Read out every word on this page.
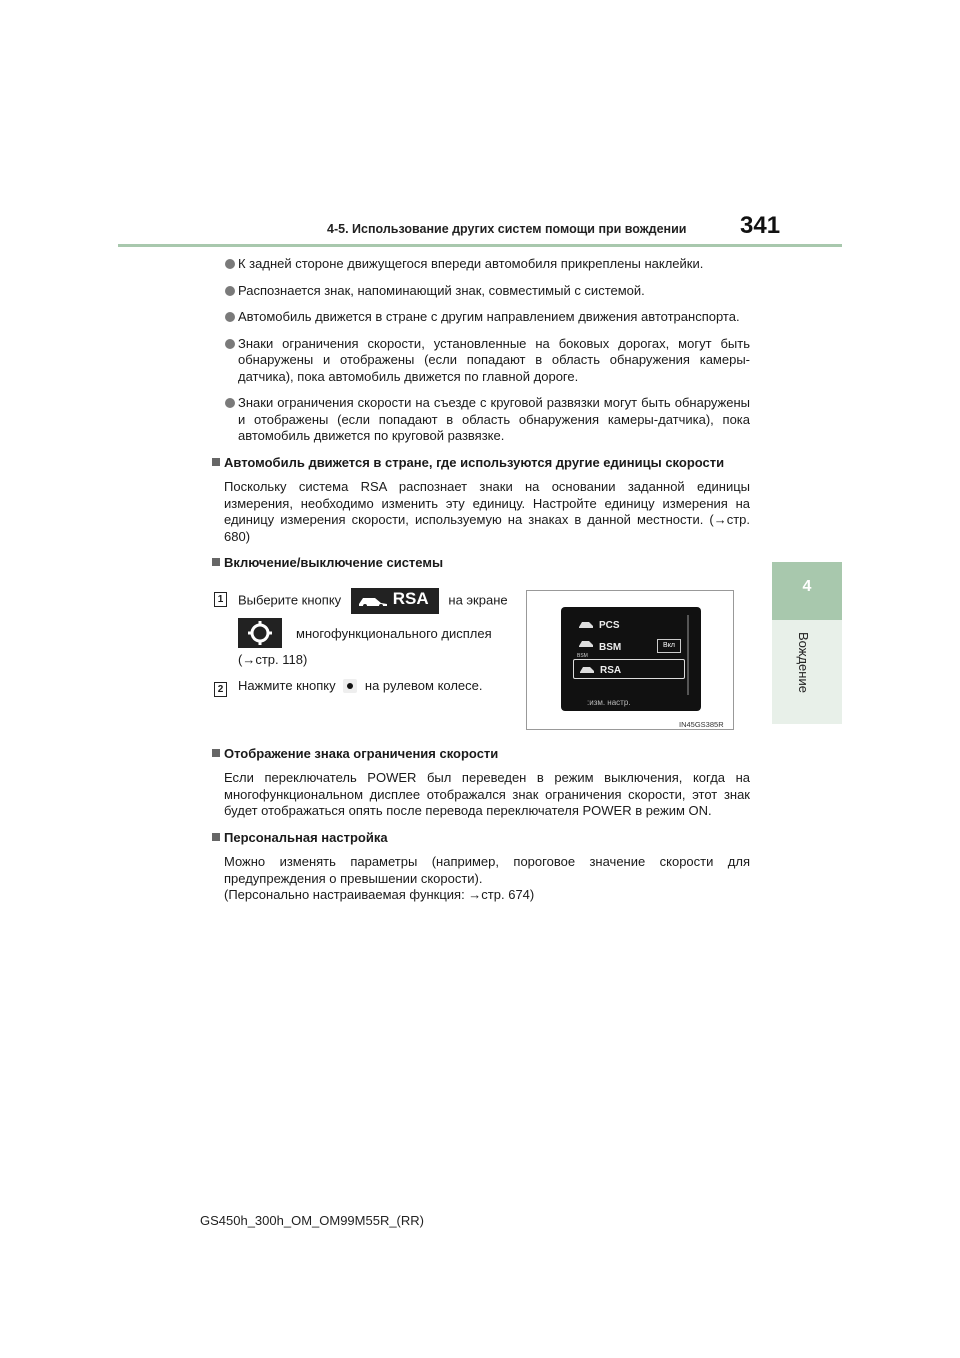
4-5. Использование других систем помощи при вождении 341
4
Вождение
К задней стороне движущегося впереди автомобиля прикреплены наклейки.
Распознается знак, напоминающий знак, совместимый с системой.
Автомобиль движется в стране с другим направлением движения автотранспорта.
Знаки ограничения скорости, установленные на боковых дорогах, могут быть обнаружены и отображены (если попадают в область обнаружения камеры-датчика), пока автомобиль движется по главной дороге.
Знаки ограничения скорости на съезде с круговой развязки могут быть обнаружены и отображены (если попадают в область обнаружения камеры-датчика), пока автомобиль движется по круговой развязке.
Автомобиль движется в стране, где используются другие единицы скорости
Поскольку система RSA распознает знаки на основании заданной единицы измерения, необходимо изменить эту единицу. Настройте единицу измерения на единицу измерения скорости, используемую на знаках в данной местности. (→стр. 680)
Включение/выключение системы
1 Выберите кнопку	RSA на экране
многофункционального дисплея
(→стр. 118)
2 Нажмите кнопку на рулевом колесе.
PCS
BSM
BSM	Вкл
RSA
:изм. настр.
IN45GS385R
Отображение знака ограничения скорости
Если переключатель POWER был переведен в режим выключения, когда на многофункциональном дисплее отображался знак ограничения скорости, этот знак будет отображаться опять после перевода переключателя POWER в режим ON.
Персональная настройка
Можно изменять параметры (например, пороговое значение скорости для предупреждения о превышении скорости).
(Персонально настраиваемая функция: →стр. 674)
GS450h_300h_OM_OM99M55R_(RR)
